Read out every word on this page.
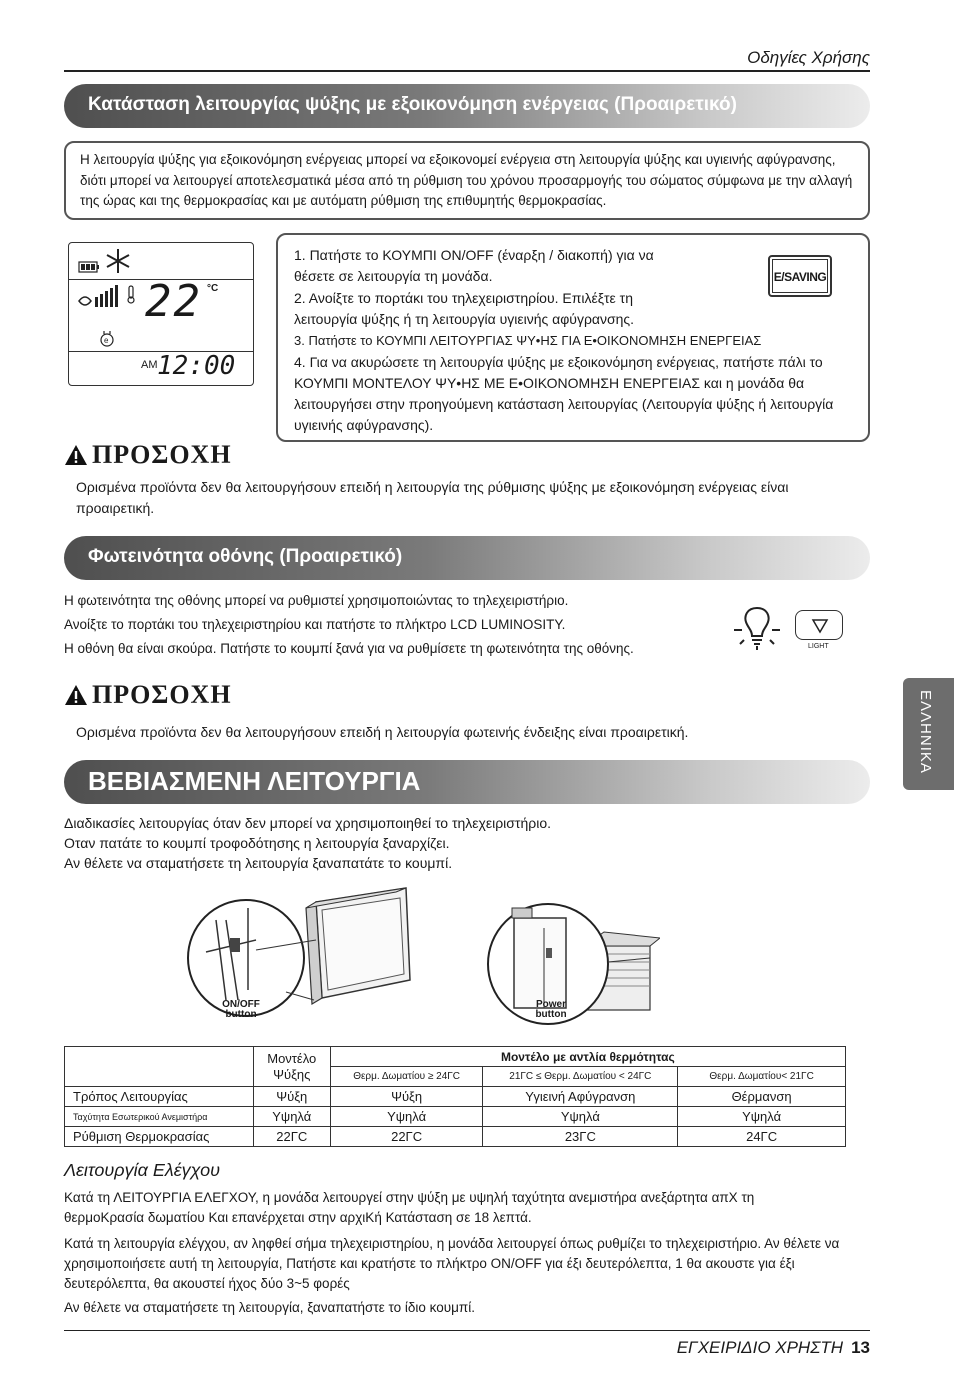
Οδηγίες Χρήσης
Κατάσταση λειτουργίας ψύξης με εξοικονόμηση ενέργειας (Προαιρετικό)
Η λειτουργία ψύξης για εξοικονόμηση ενέργειας μπορεί να εξοικονομεί ενέργεια στη λειτουργία ψύξης και υγιεινής αφύγρανσης, διότι μπορεί να λειτουργεί αποτελεσματικά μέσα από τη ρύθμιση του χρόνου προσαρμογής του σώματος σύμφωνα με την αλλαγή της ώρας και της θερμοκρασίας και με αυτόματη ρύθμιση της επιθυμητής θερμοκρασίας.
e
22 °C
AM 12:00
1. Πατήστε το ΚΟΥΜΠΙ ON/OFF (έναρξη / διακοπή) για να θέσετε σε λειτουργία τη μονάδα.
2. Ανοίξτε το πορτάκι του τηλεχειριστηρίου. Επιλέξτε τη λειτουργία ψύξης ή τη λειτουργία υγιεινής αφύγρανσης.
3. Πατήστε το ΚΟΥΜΠΙ ΛΕΙΤΟΥΡΓΙΑΣ ΨΥ•ΗΣ ΓΙΑ Ε•ΟΙΚΟΝΟΜΗΣΗ ΕΝΕΡΓΕΙΑΣ
4. Για να ακυρώσετε τη λειτουργία ψύξης με εξοικονόμηση ενέργειας, πατήστε πάλι το ΚΟΥΜΠΙ ΜΟΝΤΕΛΟΥ ΨΥ•ΗΣ ΜΕ Ε•ΟΙΚΟΝΟΜΗΣΗ ΕΝΕΡΓΕΙΑΣ και η μονάδα θα λειτουργήσει στην προηγούμενη κατάσταση λειτουργίας (Λειτουργία ψύξης ή λειτουργία υγιεινής αφύγρανσης).
E/SAVING
ΠΡΟΣΟΧΗ
Ορισμένα προϊόντα δεν θα λειτουργήσουν επειδή η λειτουργία της ρύθμισης ψύξης με εξοικονόμηση ενέργειας είναι προαιρετική.
Φωτεινότητα οθόνης (Προαιρετικό)
Η φωτεινότητα της οθόνης μπορεί να ρυθμιστεί χρησιμοποιώντας το τηλεχειριστήριο.
Ανοίξτε το πορτάκι του τηλεχειριστηρίου και πατήστε το πλήκτρο LCD LUMINOSITY.
Η οθόνη θα είναι σκούρα. Πατήστε το κουμπί ξανά για να ρυθμίσετε τη φωτεινότητα της οθόνης.	LIGHT
ΠΡΟΣΟΧΗ
Ορισμένα προϊόντα δεν θα λειτουργήσουν επειδή η λειτουργία φωτεινής ένδειξης είναι προαιρετική.	ΕΛΛΗΝΙΚΑ
ΒΕΒΙΑΣΜΕΝΗ ΛΕΙΤΟΥΡΓΙΑ
Διαδικασίες λειτουργίας όταν δεν μπορεί να χρησιμοποιηθεί το τηλεχειριστήριο.
Οταν πατάτε το κουμπί τροφοδότησης η λειτουργία ξαναρχίζει.
Αν θέλετε να σταματήσετε τη λειτουργία ξαναπατάτε το κουμπί.
ON/OFF
button
Power
button

	Μοντέλο
Ψύξης	Μοντέλο με αντλία θερμότητας		
		Θερμ. Δωματίου ≥ 24ΓC	21ΓC ≤ Θερμ. Δωματίου < 24ΓC	Θερμ. Δωματίου< 21ΓC
Τρόπος Λειτουργίας	Ψύξη	Ψύξη	Υγιεινή Αφύγρανση	Θέρμανση
Ταχύτητα Εσωτερικού Ανεμιστήρα	Υψηλά	Υψηλά	Υψηλά	Υψηλά
Ρύθμιση Θερμοκρασίας	22ΓC	22ΓC	23ΓC	24ΓC
Λειτουργία Ελέγχου
Κατά τη ΛΕΙΤΟΥΡΓΙΑ ΕΛΕΓΧΟΥ, η μονάδα λειτουργεί στην ψύξη με υψηλή ταχύτητα ανεμιστήρα ανεξάρτητα απΧ τη θερμοΚρασία δωματίου Και επανέρχεται στην αρχιΚή Κατάσταση σε 18 λεπτά.
Κατά τη λειτουργία ελέγχου, αν ληφθεί σήμα τηλεχειριστηρίου, η μονάδα λειτουργεί όπως ρυθμίζει το τηλεχειριστήριο. Αν θέλετε να χρησιμοποιήσετε αυτή τη λειτουργία, Πατήστε και κρατήστε το πλήκτρο ON/OFF για έξι δευτερόλεπτα, 1 θα ακουστε για έξι δευτερόλεπτα, θα ακουστεί ήχος δύο 3~5 φορές
Αν θέλετε να σταματήσετε τη λειτουργία, ξαναπατήστε το ίδιο κουμπί.
ΕΓΧΕΙΡΙΔΙΟ ΧΡΗΣΤΗ 13
